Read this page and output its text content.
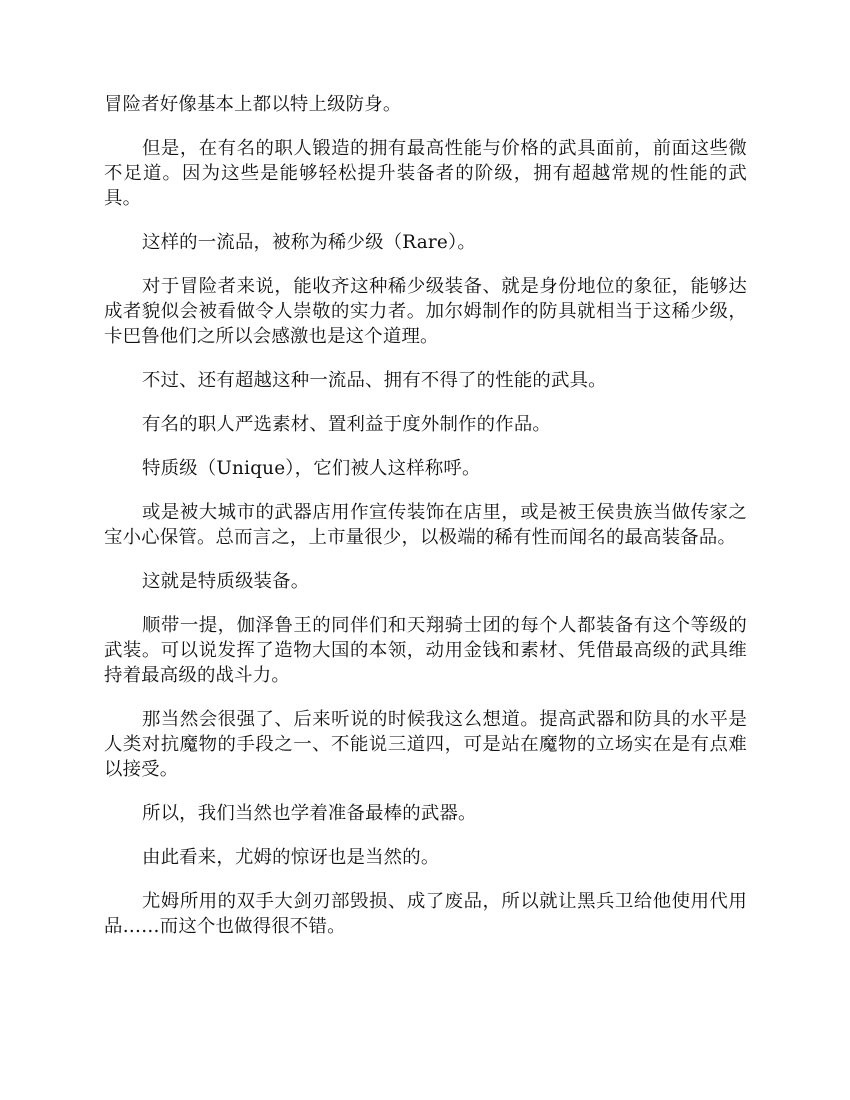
冒险者好像基本上都以特上级防身。

但是，在有名的职人锻造的拥有最高性能与价格的武具面前，前面这些微不足道。因为这些是能够轻松提升装备者的阶级，拥有超越常规的性能的武具。

这样的一流品，被称为稀少级（Rare）。

对于冒险者来说，能收齐这种稀少级装备、就是身份地位的象征，能够达成者貌似会被看做令人崇敬的实力者。加尔姆制作的防具就相当于这稀少级，卡巴鲁他们之所以会感激也是这个道理。

不过、还有超越这种一流品、拥有不得了的性能的武具。

有名的职人严选素材、置利益于度外制作的作品。

特质级（Unique），它们被人这样称呼。

或是被大城市的武器店用作宣传装饰在店里，或是被王侯贵族当做传家之宝小心保管。总而言之，上市量很少，以极端的稀有性而闻名的最高装备品。

这就是特质级装备。

顺带一提，伽泽鲁王的同伴们和天翔骑士团的每个人都装备有这个等级的武装。可以说发挥了造物大国的本领，动用金钱和素材、凭借最高级的武具维持着最高级的战斗力。

那当然会很强了、后来听说的时候我这么想道。提高武器和防具的水平是人类对抗魔物的手段之一、不能说三道四，可是站在魔物的立场实在是有点难以接受。

所以，我们当然也学着准备最棒的武器。

由此看来，尤姆的惊讶也是当然的。

尤姆所用的双手大剑刃部毁损、成了废品，所以就让黑兵卫给他使用代用品……而这个也做得很不错。
